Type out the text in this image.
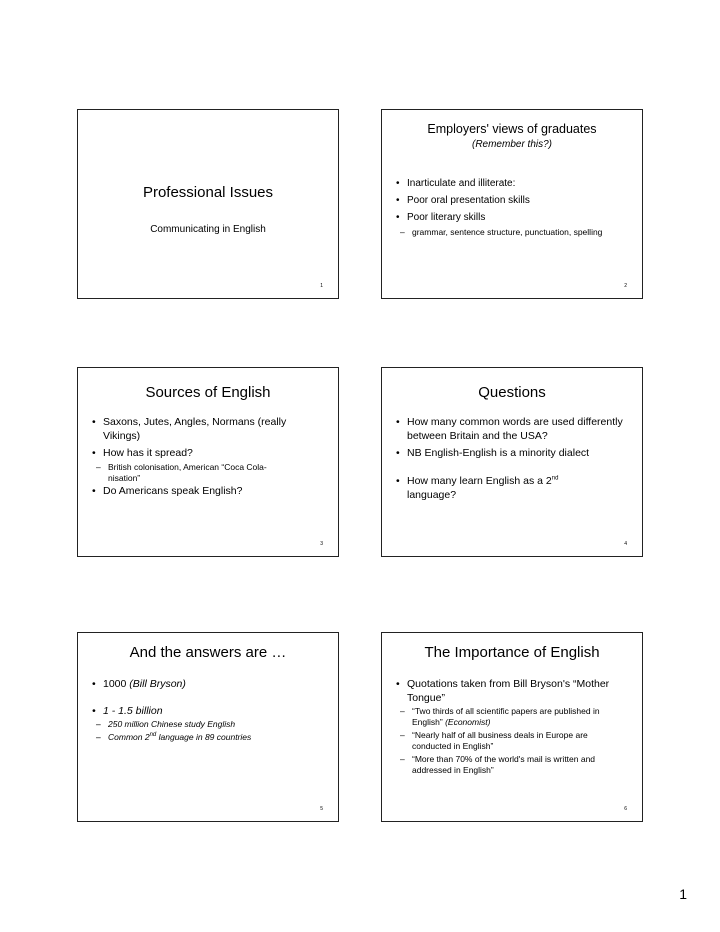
Professional Issues
Communicating in English
1
Employers' views of graduates
(Remember this?)
• Inarticulate and illiterate:
• Poor oral presentation skills
• Poor literary skills
– grammar, sentence structure, punctuation, spelling
2
Sources of English
• Saxons, Jutes, Angles, Normans (really Vikings)
• How has it spread?
– British colonisation, American “Coca Cola-nisation”
• Do Americans speak English?
3
Questions
• How many common words are used differently between Britain and the USA?
• NB English-English is a minority dialect
• How many learn English as a 2nd language?
4
And the answers are …
• 1000 (Bill Bryson)
• 1 - 1.5 billion
– 250 million Chinese study English
– Common 2nd language in 89 countries
5
The Importance of English
• Quotations taken from Bill Bryson's “Mother Tongue”
– “Two thirds of all scientific papers are published in English” (Economist)
– “Nearly half of all business deals in Europe are conducted in English”
– “More than 70% of the world's mail is written and addressed in English”
6
1
